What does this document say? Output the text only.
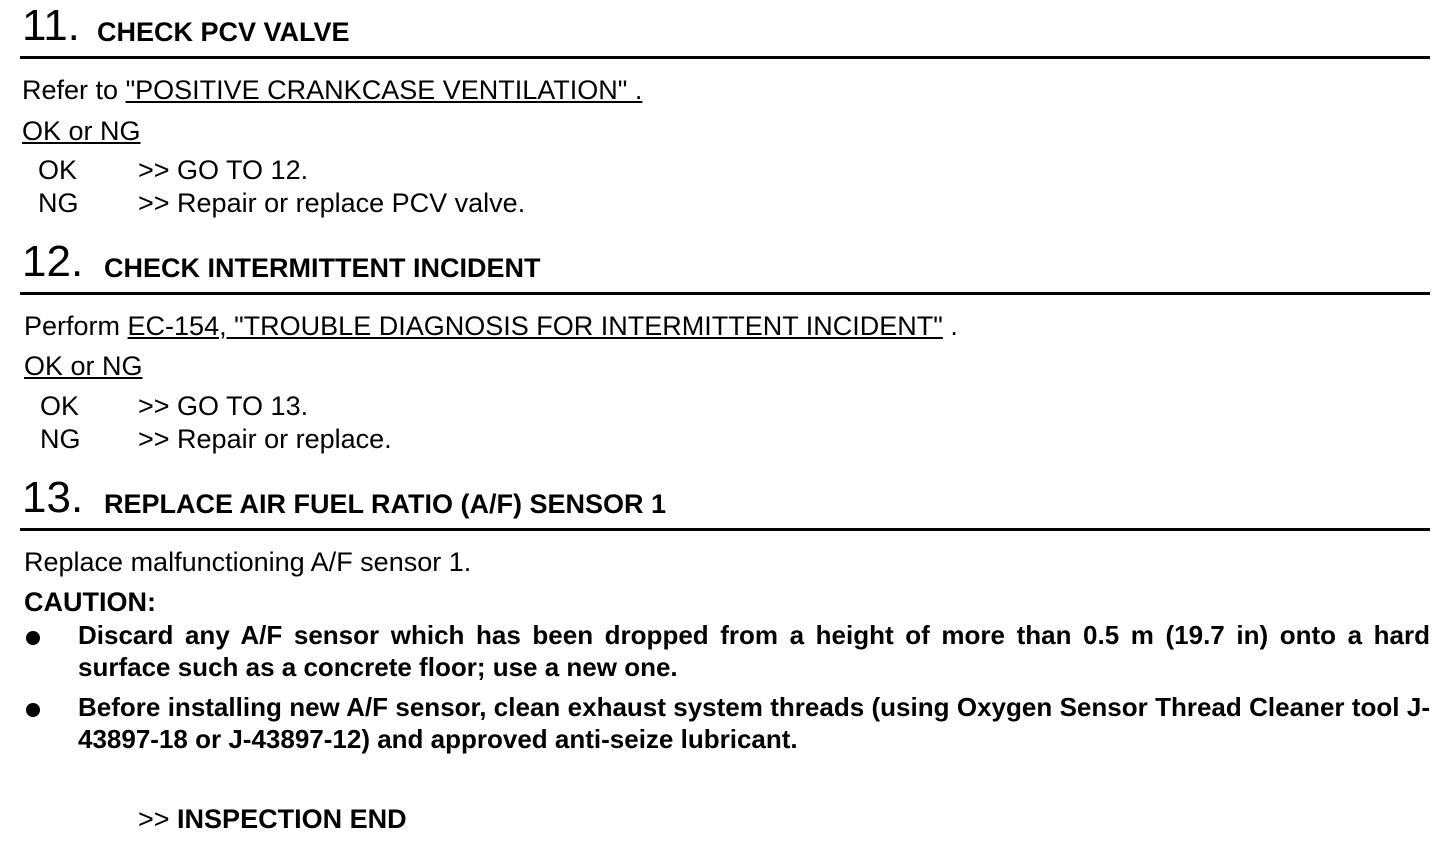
11. CHECK PCV VALVE
Refer to "POSITIVE CRANKCASE VENTILATION" .
OK or NG
OK >> GO TO 12.
NG >> Repair or replace PCV valve.
12. CHECK INTERMITTENT INCIDENT
Perform EC-154, "TROUBLE DIAGNOSIS FOR INTERMITTENT INCIDENT" .
OK or NG
OK >> GO TO 13.
NG >> Repair or replace.
13. REPLACE AIR FUEL RATIO (A/F) SENSOR 1
Replace malfunctioning A/F sensor 1.
CAUTION:
Discard any A/F sensor which has been dropped from a height of more than 0.5 m (19.7 in) onto a hard surface such as a concrete floor; use a new one.
Before installing new A/F sensor, clean exhaust system threads (using Oxygen Sensor Thread Cleaner tool J-43897-18 or J-43897-12) and approved anti-seize lubricant.
>> INSPECTION END
